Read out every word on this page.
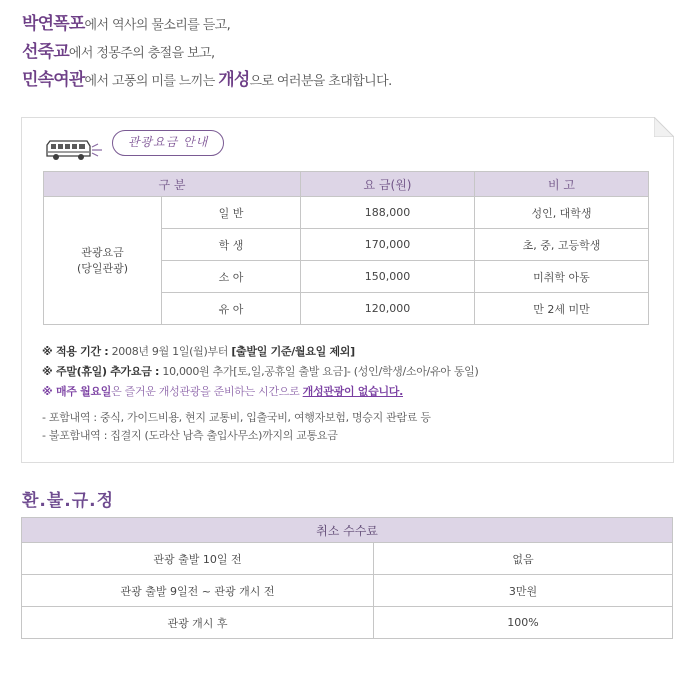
박연폭포에서 역사의 물소리를 듣고,
선죽교에서 정몽주의 충절을 보고,
민속여관에서 고풍의 미를 느끼는 개성으로 여러분을 초대합니다.
관광요금 안내
구 분		요 금(원)	비 고

관광요금
(당일관광)	일 반	188,000	성인, 대학생
	학 생	170,000	초, 중, 고등학생
	소 아	150,000	미취학 아동
	유 아	120,000	만 2세 미만
※ 적용 기간 : 2008년 9월 1일(월)부터 [출발일 기준/월요일 제외]
※ 주말(휴일) 추가요금 : 10,000원 추가[토,일,공휴일 출발 요금]- (성인/학생/소아/유아 동일)
※ 매주 월요일은 즐거운 개성관광을 준비하는 시간으로 개성관광이 없습니다.
- 포함내역 : 중식, 가이드비용, 현지 교통비, 입출국비, 여행자보험, 명승지 관람료 등
- 불포함내역 : 집결지 (도라산 남측 출입사무소)까지의 교통요금
환.불.규.정
취소 수수료	
관광 출발 10일 전	없음
관광 출발 9일전 ~ 관광 개시 전	3만원
관광 개시 후	100%
